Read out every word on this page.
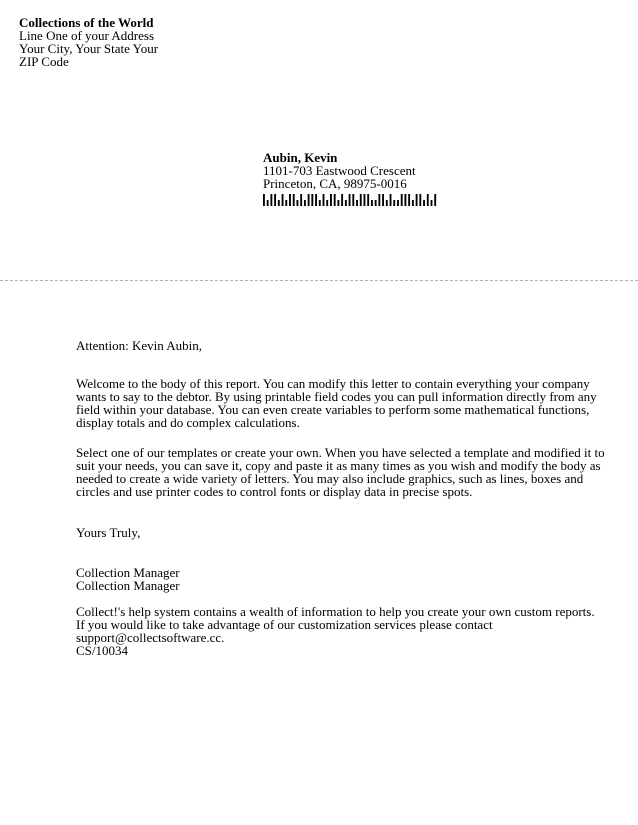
Collections of the World
Line One of your Address
Your City, Your State Your
ZIP Code
Aubin, Kevin
1101-703 Eastwood Crescent
Princeton, CA, 98975-0016
Attention: Kevin Aubin,
Welcome to the body of this report. You can modify this letter to contain everything your company
wants to say to the debtor. By using printable field codes you can pull information directly from any
field within your database. You can even create variables to perform some mathematical functions,
display totals and do complex calculations.
Select one of our templates or create your own. When you have selected a template and modified it to
suit your needs, you can save it, copy and paste it as many times as you wish and modify the body as
needed to create a wide variety of letters. You may also include graphics, such as lines, boxes and
circles and use printer codes to control fonts or display data in precise spots.
Yours Truly,
Collection Manager
Collection Manager
Collect!'s help system contains a wealth of information to help you create your own custom reports.
If you would like to take advantage of our customization services please contact
support@collectsoftware.cc.
CS/10034
